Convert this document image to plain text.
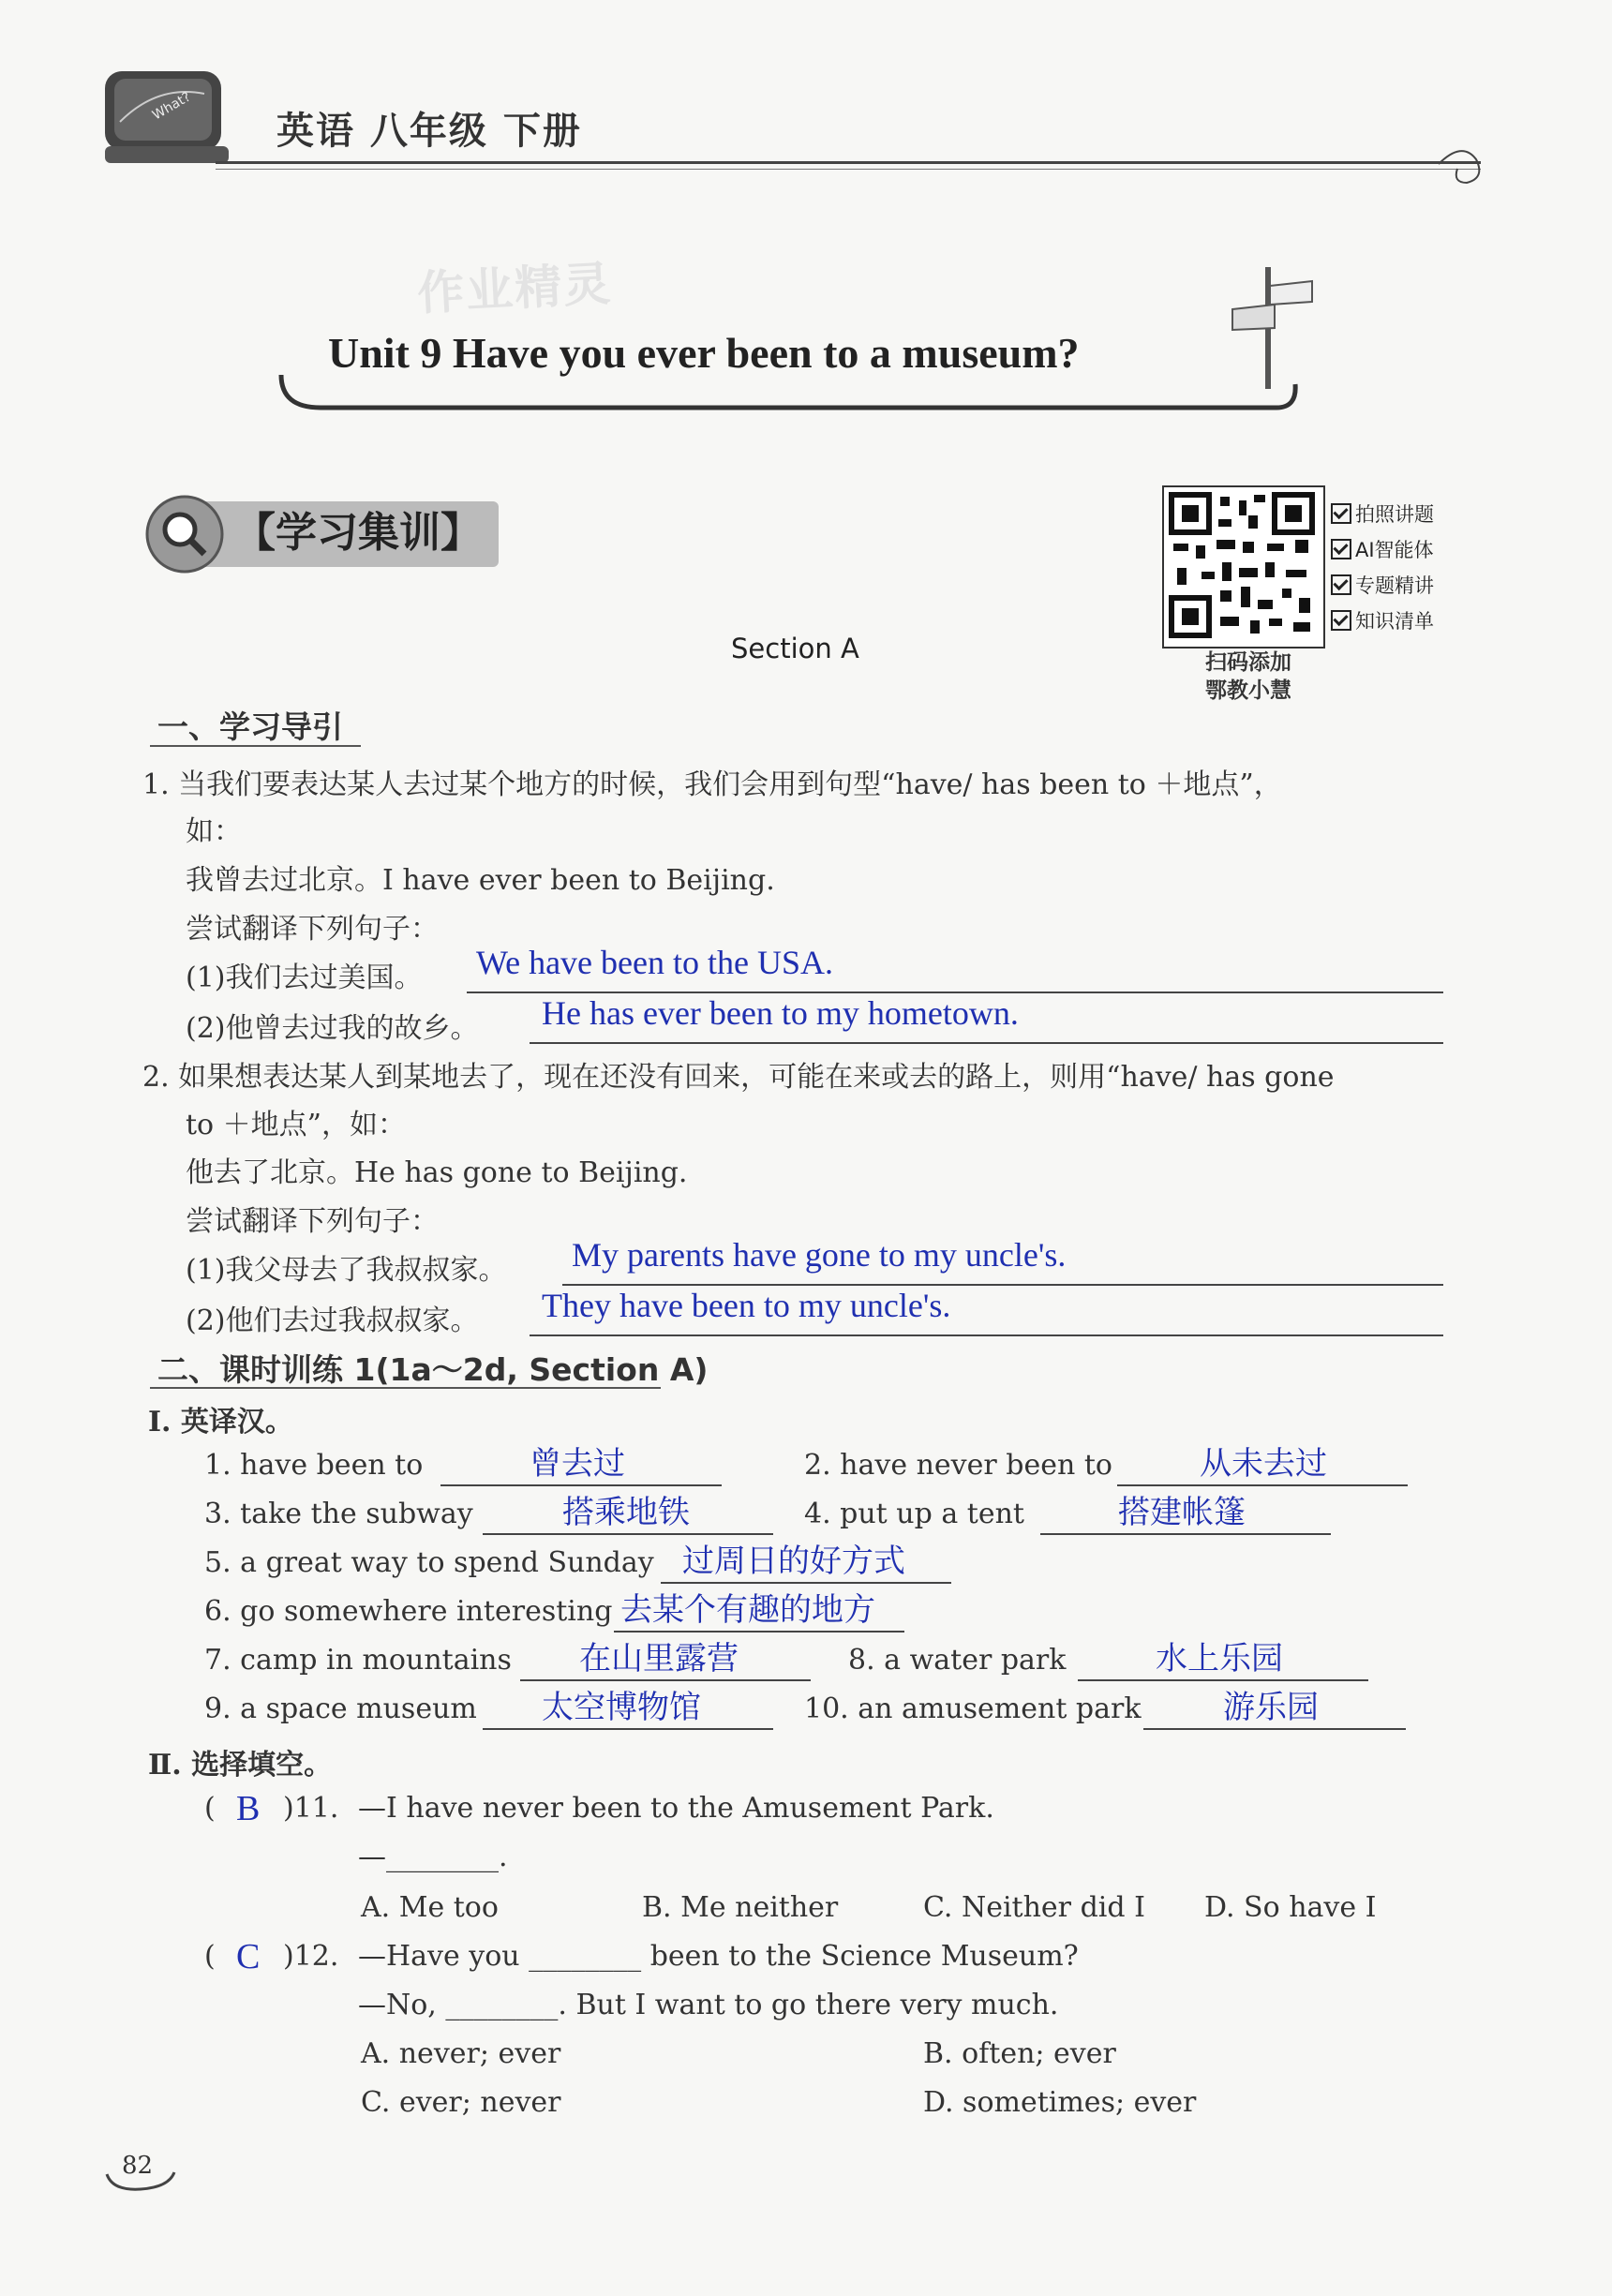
What?
英语 八年级 下册
作业精灵
Unit 9 Have you ever been to a museum?
【学习集训】	拍照讲题
AI智能体
专题精讲
知识清单
扫码添加
鄂教小慧
Section A
一、学习导引
1. 当我们要表达某人去过某个地方的时候，我们会用到句型“have/ has been to ＋地点”，
如：
我曾去过北京。I have ever been to Beijing.
尝试翻译下列句子：
(1)我们去过美国。 We have been to the USA.
(2)他曾去过我的故乡。 He has ever been to my hometown.
2. 如果想表达某人到某地去了，现在还没有回来，可能在来或去的路上，则用“have/ has gone
to ＋地点”，如：
他去了北京。He has gone to Beijing.
尝试翻译下列句子：
(1)我父母去了我叔叔家。 My parents have gone to my uncle's.
(2)他们去过我叔叔家。 They have been to my uncle's.
二、课时训练 1(1a～2d, Section A)
Ⅰ. 英译汉。
1. have been to	曾去过	2. have never been to	从未去过
3. take the subway	搭乘地铁	4. put up a tent	搭建帐篷
5. a great way to spend Sunday 过周日的好方式
6. go somewhere interesting 去某个有趣的地方
7. camp in mountains 在山里露营	8. a water park	水上乐园
9. a space museum 太空博物馆	10. an amusement park	游乐园
Ⅱ. 选择填空。
( B )11. —I have never been to the Amusement Park.
—________.
A. Me too	B. Me neither	C. Neither did I D. So have I
( C )12. —Have you ________ been to the Science Museum?
—No, ________. But I want to go there very much.
A. never; ever	B. often; ever
C. ever; never	D. sometimes; ever
82
